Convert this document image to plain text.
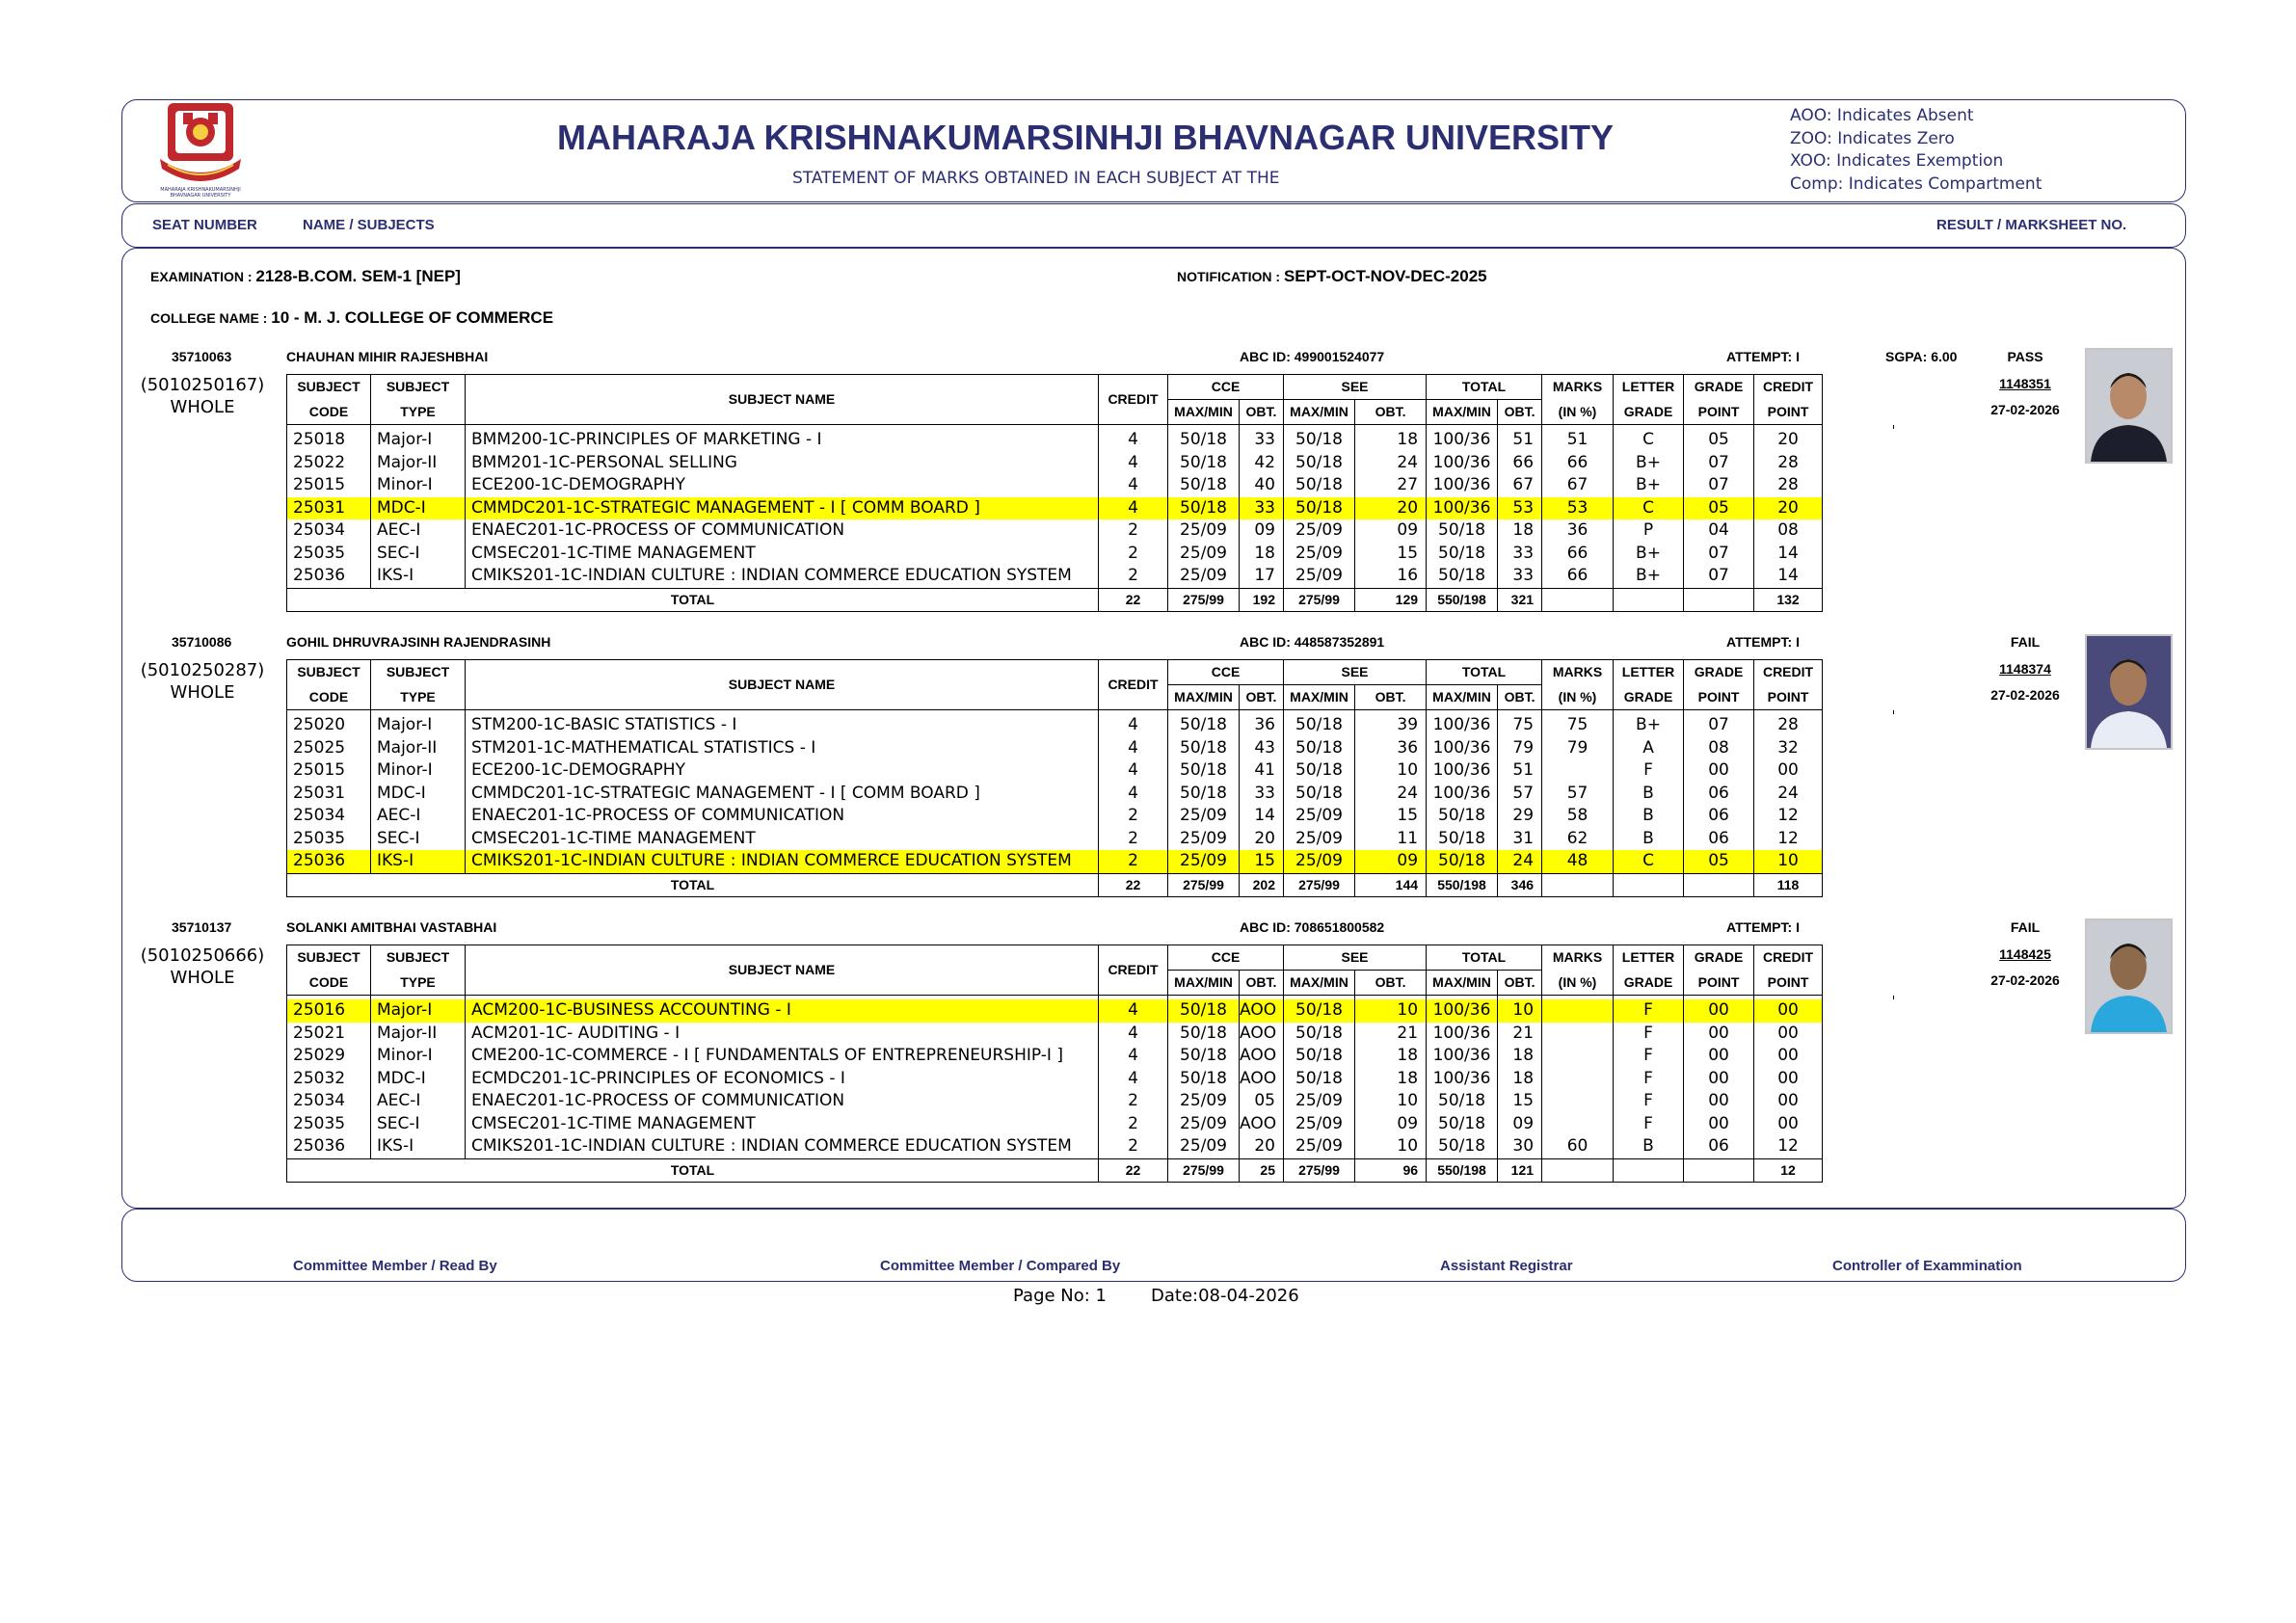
MAHARAJA KRISHNAKUMARSINHJI
BHAVNAGAR UNIVERSITY
MAHARAJA KRISHNAKUMARSINHJI BHAVNAGAR UNIVERSITY
STATEMENT OF MARKS OBTAINED IN EACH SUBJECT AT THE
AOO: Indicates Absent
ZOO: Indicates Zero
XOO: Indicates Exemption
Comp: Indicates Compartment
SEAT NUMBER	NAME / SUBJECTS	RESULT / MARKSHEET NO.
EXAMINATION : 2128-B.COM. SEM-1 [NEP]	NOTIFICATION : SEPT-OCT-NOV-DEC-2025
COLLEGE NAME : 10 - M. J. COLLEGE OF COMMERCE
35710063	CHAUHAN MIHIR RAJESHBHAI	ABC ID: 499001524077	ATTEMPT: I	SGPA: 6.00	PASS
1148351
27-02-2026
(5010250167)
WHOLE
SUBJECT	SUBJECT	SUBJECT NAME	CREDIT	CCE		SEE		TOTAL		MARKS	LETTER	GRADE	CREDIT	
CODE	TYPE			MAX/MIN	OBT.	MAX/MIN	OBT.	MAX/MIN	OBT.	(IN %)	GRADE	POINT	POINT	

25018	Major-I	BMM200-1C-PRINCIPLES OF MARKETING - I	4	50/18	33	50/18	18	100/36	51	51	C	05	20	
25022	Major-II	BMM201-1C-PERSONAL SELLING	4	50/18	42	50/18	24	100/36	66	66	B+	07	28	
25015	Minor-I	ECE200-1C-DEMOGRAPHY	4	50/18	40	50/18	27	100/36	67	67	B+	07	28	
25031	MDC-I	CMMDC201-1C-STRATEGIC MANAGEMENT - I [ COMM BOARD ]	4	50/18	33	50/18	20	100/36	53	53	C	05	20	
25034	AEC-I	ENAEC201-1C-PROCESS OF COMMUNICATION	2	25/09	09	25/09	09	50/18	18	36	P	04	08	
25035	SEC-I	CMSEC201-1C-TIME MANAGEMENT	2	25/09	18	25/09	15	50/18	33	66	B+	07	14	
25036	IKS-I	CMIKS201-1C-INDIAN CULTURE : INDIAN COMMERCE EDUCATION SYSTEM	2	25/09	17	25/09	16	50/18	33	66	B+	07	14	
TOTAL			22	275/99	192	275/99	129	550/198	321				132	
35710086	GOHIL DHRUVRAJSINH RAJENDRASINH	ABC ID: 448587352891	ATTEMPT: I	FAIL
1148374
27-02-2026
(5010250287)
WHOLE
SUBJECT	SUBJECT	SUBJECT NAME	CREDIT	CCE		SEE		TOTAL		MARKS	LETTER	GRADE	CREDIT	
CODE	TYPE			MAX/MIN	OBT.	MAX/MIN	OBT.	MAX/MIN	OBT.	(IN %)	GRADE	POINT	POINT	

25020	Major-I	STM200-1C-BASIC STATISTICS - I	4	50/18	36	50/18	39	100/36	75	75	B+	07	28	
25025	Major-II	STM201-1C-MATHEMATICAL STATISTICS - I	4	50/18	43	50/18	36	100/36	79	79	A	08	32	
25015	Minor-I	ECE200-1C-DEMOGRAPHY	4	50/18	41	50/18	10	100/36	51		F	00	00	
25031	MDC-I	CMMDC201-1C-STRATEGIC MANAGEMENT - I [ COMM BOARD ]	4	50/18	33	50/18	24	100/36	57	57	B	06	24	
25034	AEC-I	ENAEC201-1C-PROCESS OF COMMUNICATION	2	25/09	14	25/09	15	50/18	29	58	B	06	12	
25035	SEC-I	CMSEC201-1C-TIME MANAGEMENT	2	25/09	20	25/09	11	50/18	31	62	B	06	12	
25036	IKS-I	CMIKS201-1C-INDIAN CULTURE : INDIAN COMMERCE EDUCATION SYSTEM	2	25/09	15	25/09	09	50/18	24	48	C	05	10	
TOTAL			22	275/99	202	275/99	144	550/198	346				118	
35710137	SOLANKI AMITBHAI VASTABHAI	ABC ID: 708651800582	ATTEMPT: I	FAIL
1148425
27-02-2026
(5010250666)
WHOLE
SUBJECT	SUBJECT	SUBJECT NAME	CREDIT	CCE		SEE		TOTAL		MARKS	LETTER	GRADE	CREDIT	
CODE	TYPE			MAX/MIN	OBT.	MAX/MIN	OBT.	MAX/MIN	OBT.	(IN %)	GRADE	POINT	POINT	

25016	Major-I	ACM200-1C-BUSINESS ACCOUNTING - I	4	50/18	AOO	50/18	10	100/36	10		F	00	00	
25021	Major-II	ACM201-1C- AUDITING - I	4	50/18	AOO	50/18	21	100/36	21		F	00	00	
25029	Minor-I	CME200-1C-COMMERCE - I [ FUNDAMENTALS OF ENTREPRENEURSHIP-I ]	4	50/18	AOO	50/18	18	100/36	18		F	00	00	
25032	MDC-I	ECMDC201-1C-PRINCIPLES OF ECONOMICS - I	4	50/18	AOO	50/18	18	100/36	18		F	00	00	
25034	AEC-I	ENAEC201-1C-PROCESS OF COMMUNICATION	2	25/09	05	25/09	10	50/18	15		F	00	00	
25035	SEC-I	CMSEC201-1C-TIME MANAGEMENT	2	25/09	AOO	25/09	09	50/18	09		F	00	00	
25036	IKS-I	CMIKS201-1C-INDIAN CULTURE : INDIAN COMMERCE EDUCATION SYSTEM	2	25/09	20	25/09	10	50/18	30	60	B	06	12	
TOTAL			22	275/99	25	275/99	96	550/198	121				12	
Committee Member / Read By	Committee Member / Compared By	Assistant Registrar	Controller of Exammination
Page No: 1	Date:08-04-2026
